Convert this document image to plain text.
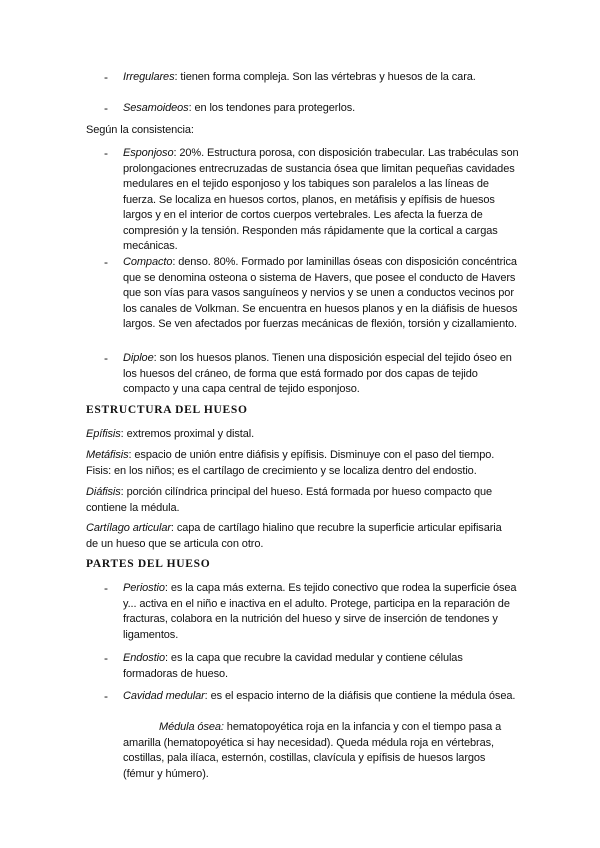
- Irregulares: tienen forma compleja. Son las vértebras y huesos de la cara.
- Sesamoideos: en los tendones para protegerlos.
Según la consistencia:
- Esponjoso: 20%. Estructura porosa, con disposición trabecular. Las trabéculas son prolongaciones entrecruzadas de sustancia ósea que limitan pequeñas cavidades medulares en el tejido esponjoso y los tabiques son paralelos a las líneas de fuerza. Se localiza en huesos cortos, planos, en metáfisis y epífisis de huesos largos y en el interior de cortos cuerpos vertebrales. Les afecta la fuerza de compresión y la tensión. Responden más rápidamente que la cortical a cargas mecánicas.
- Compacto: denso. 80%. Formado por laminillas óseas con disposición concéntrica que se denomina osteona o sistema de Havers, que posee el conducto de Havers que son vías para vasos sanguíneos y nervios y se unen a conductos vecinos por los canales de Volkman. Se encuentra en huesos planos y en la diáfisis de huesos largos. Se ven afectados por fuerzas mecánicas de flexión, torsión y cizallamiento.
- Diploe: son los huesos planos. Tienen una disposición especial del tejido óseo en los huesos del cráneo, de forma que está formado por dos capas de tejido compacto y una capa central de tejido esponjoso.
ESTRUCTURA DEL HUESO
Epífisis: extremos proximal y distal.
Metáfisis: espacio de unión entre diáfisis y epífisis. Disminuye con el paso del tiempo. Fisis: en los niños; es el cartílago de crecimiento y se localiza dentro del endostio.
Diáfisis: porción cilíndrica principal del hueso. Está formada por hueso compacto que contiene la médula.
Cartílago articular: capa de cartílago hialino que recubre la superficie articular epifisaria de un hueso que se articula con otro.
PARTES DEL HUESO
- Periostio: es la capa más externa. Es tejido conectivo que rodea la superficie ósea y... activa en el niño e inactiva en el adulto. Protege, participa en la reparación de fracturas, colabora en la nutrición del hueso y sirve de inserción de tendones y ligamentos.
- Endostio: es la capa que recubre la cavidad medular y contiene células formadoras de hueso.
- Cavidad medular: es el espacio interno de la diáfisis que contiene la médula ósea.
Médula ósea: hematopoyética roja en la infancia y con el tiempo pasa a amarilla (hematopoyética si hay necesidad). Queda médula roja en vértebras, costillas, pala ilíaca, esternón, costillas, clavícula y epífisis de huesos largos (fémur y húmero).
